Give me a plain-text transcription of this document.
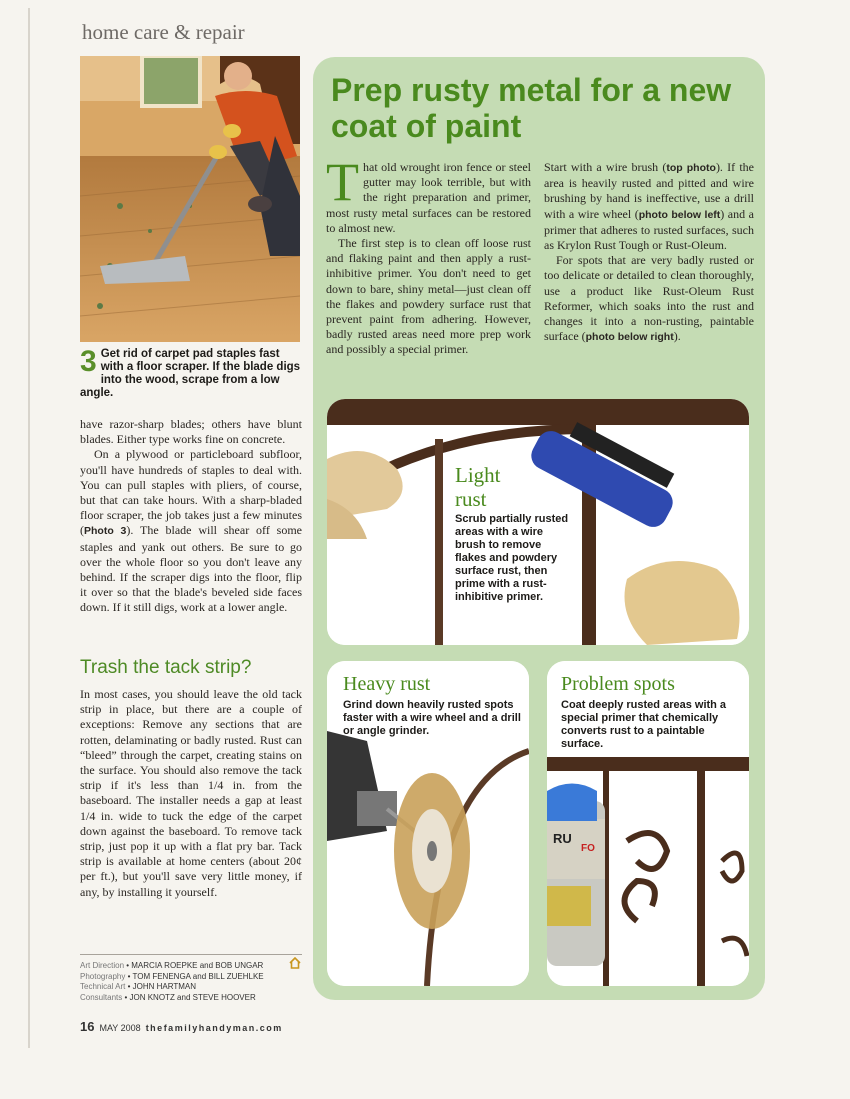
home care & repair
3 Get rid of carpet pad staples fast with a floor scraper. If the blade digs into the wood, scrape from a low angle.

have razor-sharp blades; others have blunt blades. Either type works fine on concrete.

On a plywood or particleboard subfloor, you'll have hundreds of staples to deal with. You can pull staples with pliers, of course, but that can take hours. With a sharp-bladed floor scraper, the job takes just a few minutes (Photo 3). The blade will shear off some staples and yank out others. Be sure to go over the whole floor so you don't leave any behind. If the scraper digs into the floor, flip it over so that the blade's beveled side faces down. If it still digs, work at a lower angle.

Trash the tack strip?

In most cases, you should leave the old tack strip in place, but there are a couple of exceptions: Remove any sections that are rotten, delaminating or badly rusted. Rust can “bleed” through the carpet, creating stains on the surface. You should also remove the tack strip if it's less than 1/4 in. from the baseboard. The installer needs a gap at least 1/4 in. wide to tuck the edge of the carpet down against the baseboard. To remove tack strip, just pop it up with a flat pry bar. Tack strip is available at home centers (about 20¢ per ft.), but you'll save very little money, if any, by installing it yourself.

Art Direction • MARCIA ROEPKE and BOB UNGAR
Photography • TOM FENENGA and BILL ZUEHLKE
Technical Art • JOHN HARTMAN
Consultants • JON KNOTZ and STEVE HOOVER
16 MAY 2008 thefamilyhandyman.com
Prep rusty metal for a new coat of paint

That old wrought iron fence or steel gutter may look terrible, but with the right preparation and primer, most rusty metal surfaces can be restored to almost new.

The first step is to clean off loose rust and flaking paint and then apply a rust-inhibitive primer. You don't need to get down to bare, shiny metal—just clean off the flakes and powdery surface rust that prevent paint from adhering. However, badly rusted areas need more prep work and possibly a special primer.

Start with a wire brush (top photo). If the area is heavily rusted and pitted and wire brushing by hand is ineffective, use a drill with a wire wheel (photo below left) and a primer that adheres to rusted surfaces, such as Krylon Rust Tough or Rust-Oleum.

For spots that are very badly rusted or too delicate or detailed to clean thoroughly, use a product like Rust-Oleum Rust Reformer, which soaks into the rust and changes it into a non-rusting, paintable surface (photo below right).

Light
rust
Scrub partially rusted areas with a wire brush to remove flakes and powdery surface rust, then prime with a rust-inhibitive primer.
Heavy rust
Grind down heavily rusted spots faster with a wire wheel and a drill or angle grinder.
RU
FO
Problem spots
Coat deeply rusted areas with a special primer that chemically converts rust to a paintable surface.
